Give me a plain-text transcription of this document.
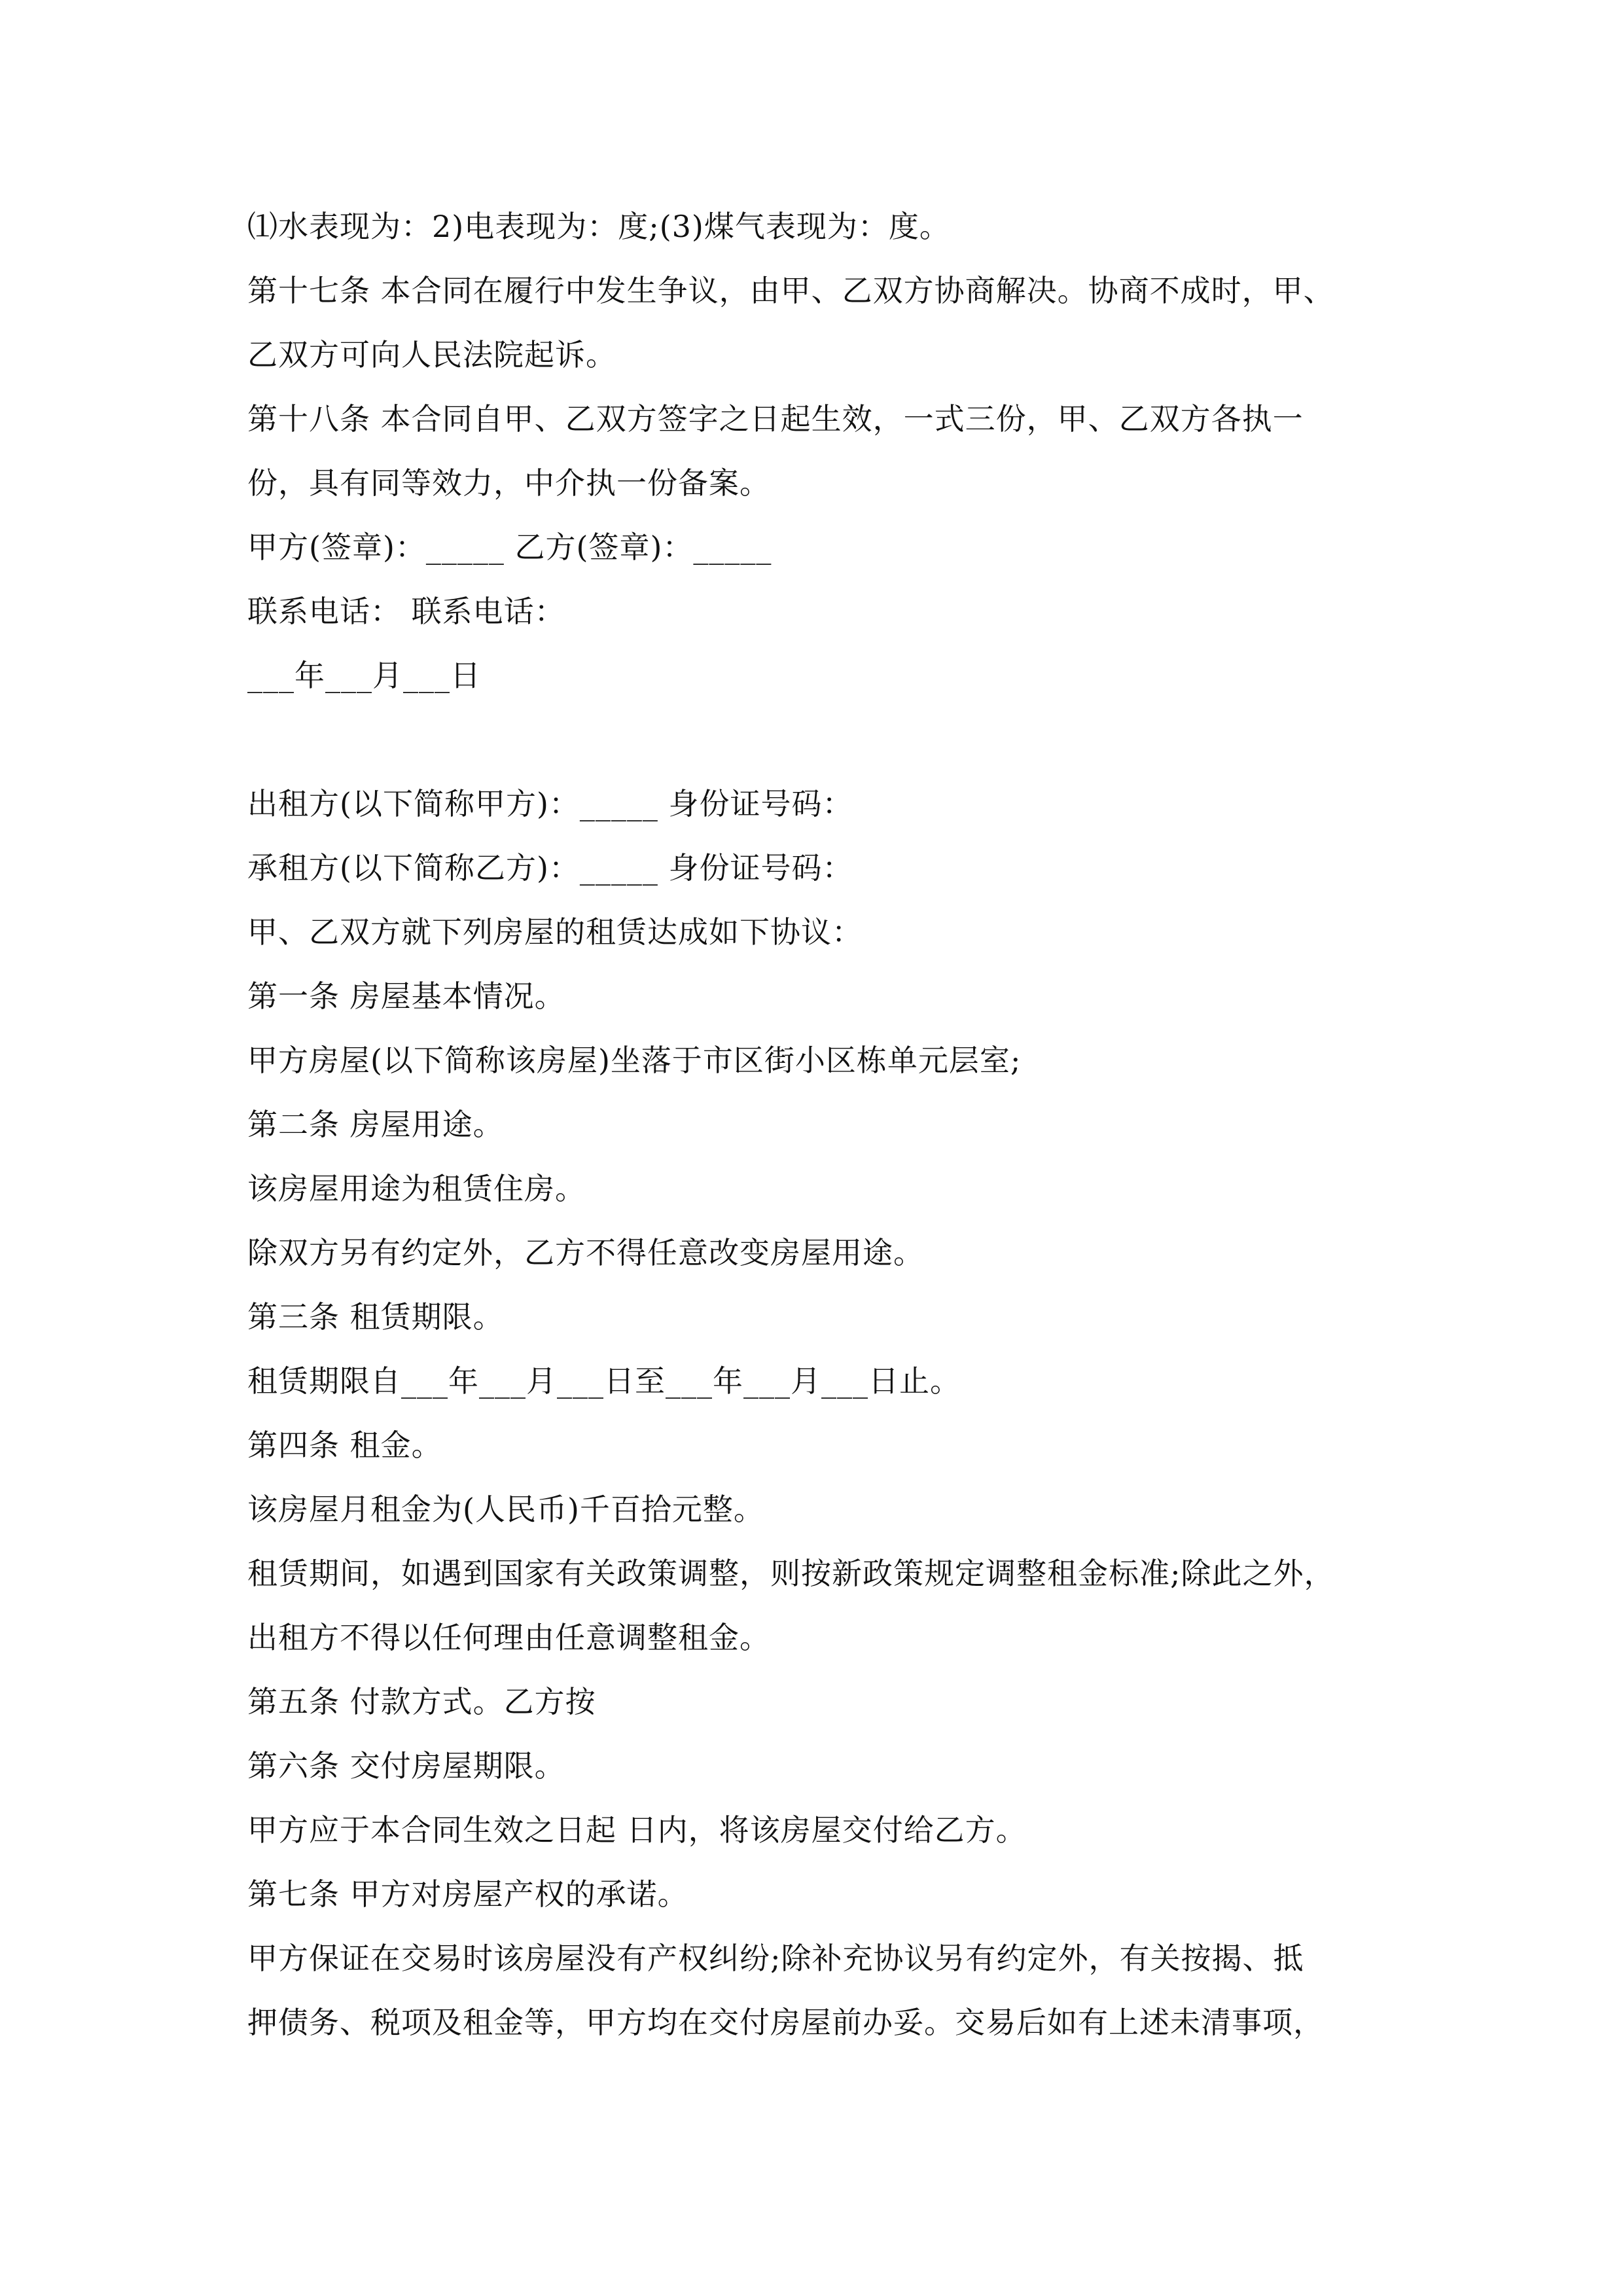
⑴水表现为：2)电表现为：度;(3)煤气表现为：度。
第十七条 本合同在履行中发生争议，由甲、乙双方协商解决。协商不成时，甲、
乙双方可向人民法院起诉。
第十八条 本合同自甲、乙双方签字之日起生效，一式三份，甲、乙双方各执一
份，具有同等效力，中介执一份备案。
甲方(签章)：_____ 乙方(签章)：_____
联系电话： 联系电话：
___年___月___日
出租方(以下简称甲方)：_____ 身份证号码：
承租方(以下简称乙方)：_____ 身份证号码：
甲、乙双方就下列房屋的租赁达成如下协议：
第一条 房屋基本情况。
甲方房屋(以下简称该房屋)坐落于市区街小区栋单元层室;
第二条 房屋用途。
该房屋用途为租赁住房。
除双方另有约定外，乙方不得任意改变房屋用途。
第三条 租赁期限。
租赁期限自___年___月___日至___年___月___日止。
第四条 租金。
该房屋月租金为(人民币)千百拾元整。
租赁期间，如遇到国家有关政策调整，则按新政策规定调整租金标准;除此之外，
出租方不得以任何理由任意调整租金。
第五条 付款方式。乙方按
第六条 交付房屋期限。
甲方应于本合同生效之日起 日内，将该房屋交付给乙方。
第七条 甲方对房屋产权的承诺。
甲方保证在交易时该房屋没有产权纠纷;除补充协议另有约定外，有关按揭、抵
押债务、税项及租金等，甲方均在交付房屋前办妥。交易后如有上述未清事项，
